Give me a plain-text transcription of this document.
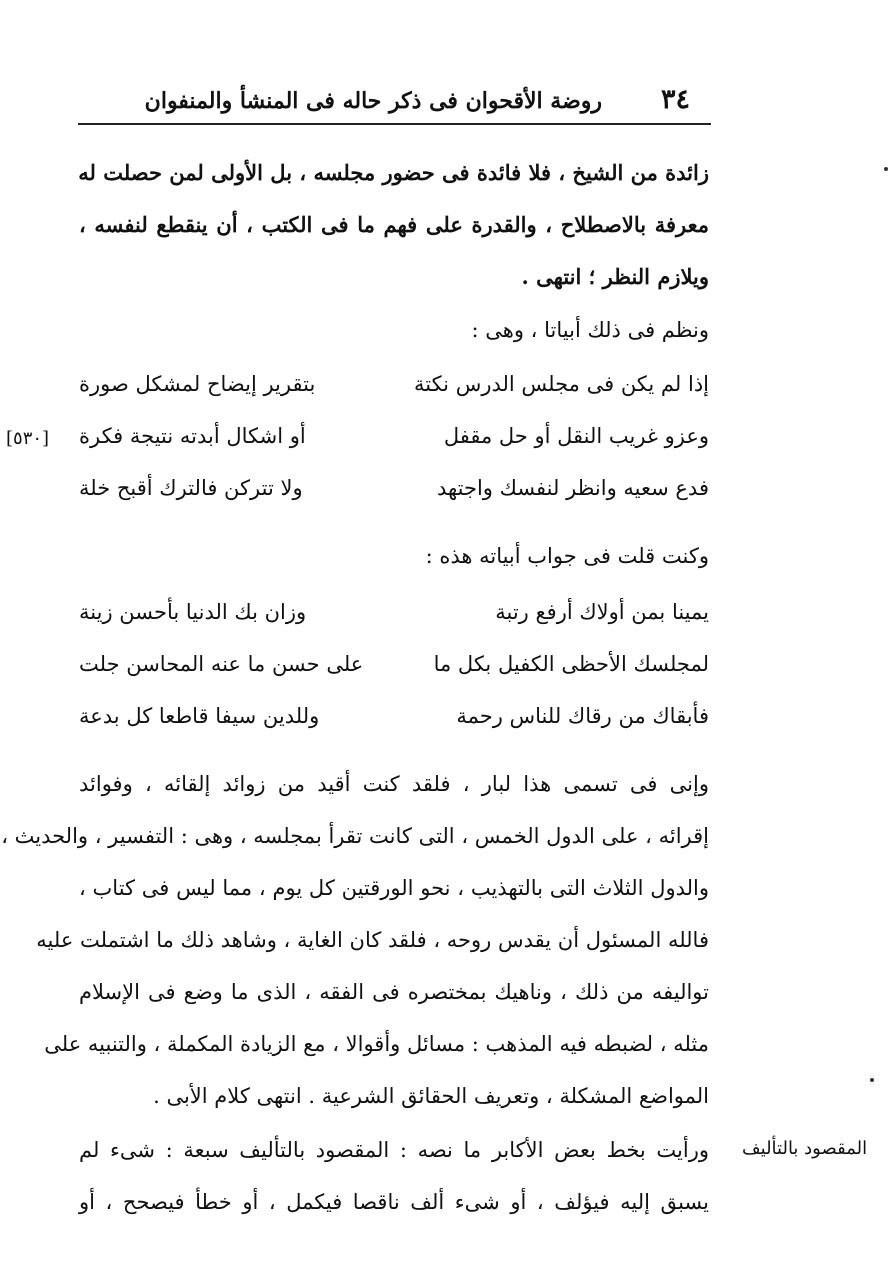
٣٤
روضة الأقحوان فى ذكر حاله فى المنشأ والمنفوان
زائدة من الشيخ ، فلا فائدة فى حضور مجلسه ، بل الأولى لمن حصلت له
معرفة بالاصطلاح ، والقدرة على فهم ما فى الكتب ، أن ينقطع لنفسه ،
ويلازم النظر ؛ انتهى .
ونظم فى ذلك أبياتا ، وهى :
إذا لم يكن فى مجلس الدرس نكتة
بتقرير إيضاح لمشكل صورة
وعزو غريب النقل أو حل مقفل
أو اشكال أبدته نتيجة فكرة
فدع سعيه وانظر لنفسك واجتهد
ولا تتركن فالترك أقبح خلة
وكنت قلت فى جواب أبياته هذه :
يمينا بمن أولاك أرفع رتبة
وزان بك الدنيا بأحسن زينة
لمجلسك الأحظى الكفيل بكل ما
على حسن ما عنه المحاسن جلت
فأبقاك من رقاك للناس رحمة
وللدين سيفا قاطعا كل بدعة
وإنى فى تسمى هذا لبار ، فلقد كنت أقيد من زوائد إلقائه ، وفوائد
إقرائه ، على الدول الخمس ، التى كانت تقرأ بمجلسه ، وهى : التفسير ، والحديث ،
والدول الثلاث التى بالتهذيب ، نحو الورقتين كل يوم ، مما ليس فى كتاب ،
فالله المسئول أن يقدس روحه ، فلقد كان الغاية ، وشاهد ذلك ما اشتملت عليه
تواليفه من ذلك ، وناهيك بمختصره فى الفقه ، الذى ما وضع فى الإسلام
مثله ، لضبطه فيه المذهب : مسائل وأقوالا ، مع الزيادة المكملة ، والتنبيه على
المواضع المشكلة ، وتعريف الحقائق الشرعية . انتهى كلام الأبى .
ورأيت بخط بعض الأكابر ما نصه : المقصود بالتأليف سبعة : شىء لم
يسبق إليه فيؤلف ، أو شىء ألف ناقصا فيكمل ، أو خطأ فيصحح ، أو
[٥٣٠]
المقصود بالتأليف
